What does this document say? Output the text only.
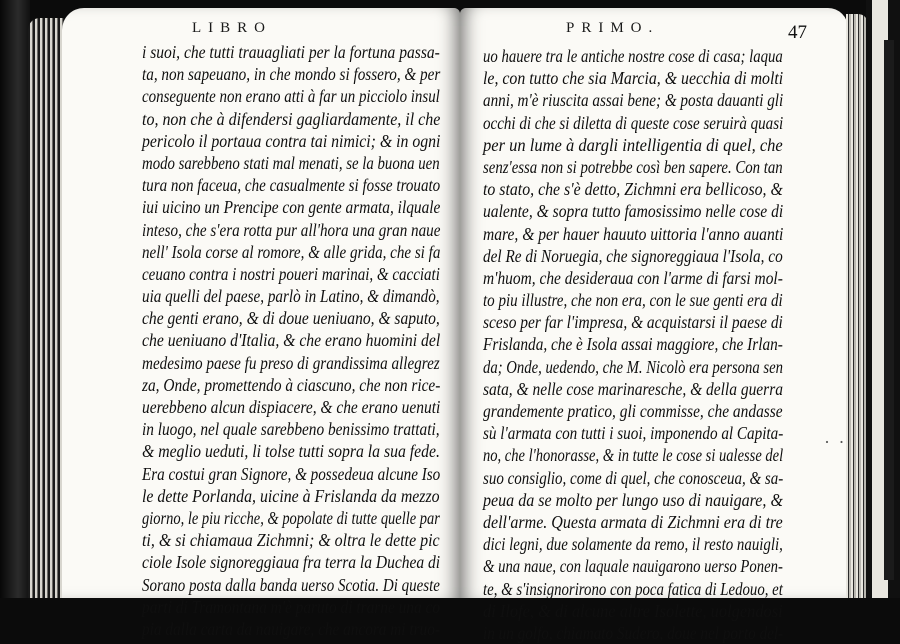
LIBRO	PRIMO.	47
i suoi, che tutti trauagliati per la fortuna passa-
ta, non sapeuano, in che mondo si fossero, & per
conseguente non erano atti à far un picciolo insul
to, non che à difendersi gagliardamente, il che
pericolo il portaua contra tai nimici; & in ogni
modo sarebbeno stati mal menati, se la buona uen
tura non faceua, che casualmente si fosse trouato
iui uicino un Prencipe con gente armata, ilquale
inteso, che s'era rotta pur all'hora una gran naue
nell' Isola corse al romore, & alle grida, che si fa
ceuano contra i nostri poueri marinai, & cacciati
uia quelli del paese, parlò in Latino, & dimandò,
che genti erano, & di doue ueniuano, & saputo,
che ueniuano d'Italia, & che erano huomini del
medesimo paese fu preso di grandissima allegrez
za, Onde, promettendo à ciascuno, che non rice-
uerebbeno alcun dispiacere, & che erano uenuti
in luogo, nel quale sarebbeno benissimo trattati,
& meglio ueduti, li tolse tutti sopra la sua fede.
Era costui gran Signore, & possedeua alcune Iso
le dette Porlanda, uicine à Frislanda da mezzo
giorno, le piu ricche, & popolate di tutte quelle par
ti, & si chiamaua Zichmni; & oltra le dette pic
ciole Isole signoreggiaua fra terra la Duchea di
Sorano posta dalla banda uerso Scotia. Di queste
parti di Tramontana m'è paruto di trarne una co
pia dalla carta da nauigare, che ancora mi truo-
uo hauere tra le antiche nostre cose di casa; laqua
le, con tutto che sia Marcia, & uecchia di molti
anni, m'è riuscita assai bene; & posta dauanti gli
occhi di che si diletta di queste cose seruirà quasi
per un lume à dargli intelligentia di quel, che
senz'essa non si potrebbe così ben sapere. Con tan
to stato, che s'è detto, Zichmni era bellicoso, &
ualente, & sopra tutto famosissimo nelle cose di
mare, & per hauer hauuto uittoria l'anno auanti
del Re di Noruegia, che signoreggiaua l'Isola, co
m'huom, che desideraua con l'arme di farsi mol-
to piu illustre, che non era, con le sue genti era di
sceso per far l'impresa, & acquistarsi il paese di
Frislanda, che è Isola assai maggiore, che Irlan-
da; Onde, uedendo, che M. Nicolò era persona sen
sata, & nelle cose marinaresche, & della guerra
grandemente pratico, gli commisse, che andasse
sù l'armata con tutti i suoi, imponendo al Capita-
no, che l'honorasse, & in tutte le cose si ualesse del
suo consiglio, come di quel, che conosceua, & sa-
peua da se molto per lungo uso di nauigare, &
dell'arme. Questa armata di Zichmni era di tre
dici legni, due solamente da remo, il resto nauigli,
& una naue, con laquale nauigarono uerso Ponen-
te, & s'insignorirono con poca fatica di Ledouo, et
di Ilofe, & di alcune altre Isolette, uolgendosi
in un golfo, chiamato Sudero, doue nel porto del-
· ·
